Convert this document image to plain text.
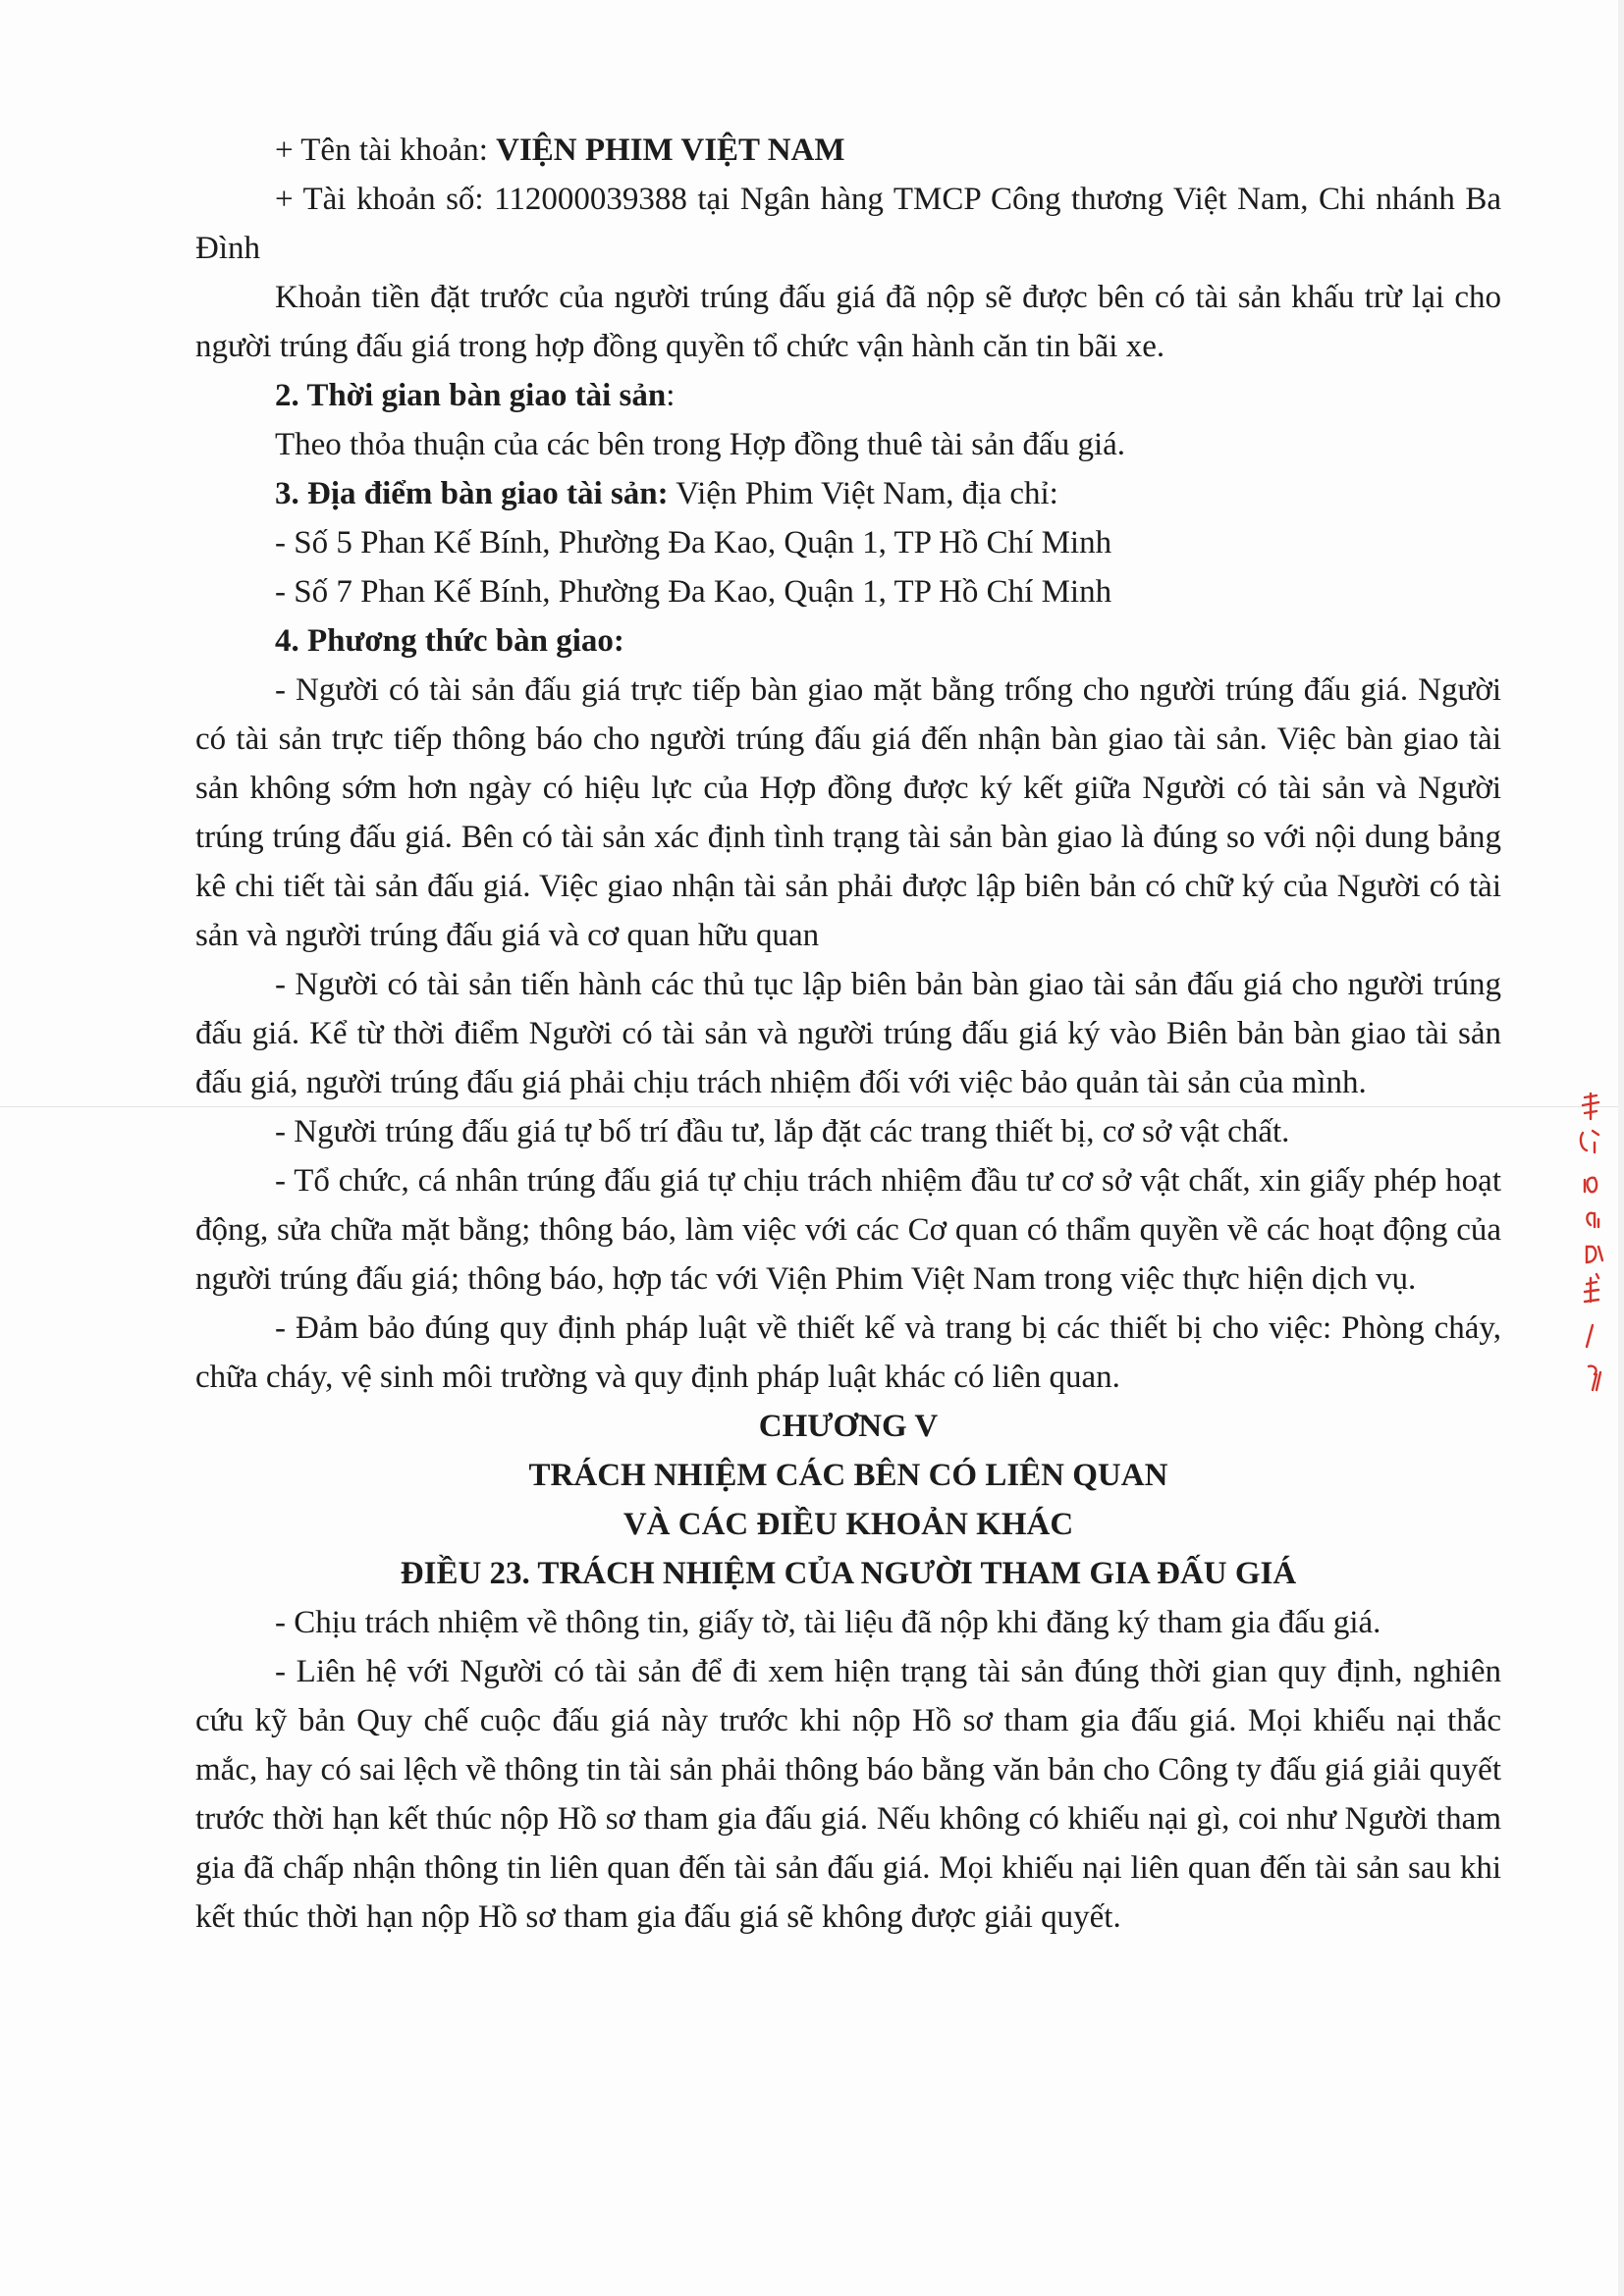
+ Tên tài khoản: VIỆN PHIM VIỆT NAM

+ Tài khoản số: 112000039388 tại Ngân hàng TMCP Công thương Việt Nam, Chi nhánh Ba Đình

Khoản tiền đặt trước của người trúng đấu giá đã nộp sẽ được bên có tài sản khấu trừ lại cho người trúng đấu giá trong hợp đồng quyền tổ chức vận hành căn tin bãi xe.

2. Thời gian bàn giao tài sản:

Theo thỏa thuận của các bên trong Hợp đồng thuê tài sản đấu giá.

3. Địa điểm bàn giao tài sản: Viện Phim Việt Nam, địa chỉ:

- Số 5 Phan Kế Bính, Phường Đa Kao, Quận 1, TP Hồ Chí Minh

- Số 7 Phan Kế Bính, Phường Đa Kao, Quận 1, TP Hồ Chí Minh

4. Phương thức bàn giao:

- Người có tài sản đấu giá trực tiếp bàn giao mặt bằng trống cho người trúng đấu giá. Người có tài sản trực tiếp thông báo cho người trúng đấu giá đến nhận bàn giao tài sản. Việc bàn giao tài sản không sớm hơn ngày có hiệu lực của Hợp đồng được ký kết giữa Người có tài sản và Người trúng trúng đấu giá. Bên có tài sản xác định tình trạng tài sản bàn giao là đúng so với nội dung bảng kê chi tiết tài sản đấu giá. Việc giao nhận tài sản phải được lập biên bản có chữ ký của Người có tài sản và người trúng đấu giá và cơ quan hữu quan

- Người có tài sản tiến hành các thủ tục lập biên bản bàn giao tài sản đấu giá cho người trúng đấu giá. Kể từ thời điểm Người có tài sản và người trúng đấu giá ký vào Biên bản bàn giao tài sản đấu giá, người trúng đấu giá phải chịu trách nhiệm đối với việc bảo quản tài sản của mình.

- Người trúng đấu giá tự bố trí đầu tư, lắp đặt các trang thiết bị, cơ sở vật chất.

- Tổ chức, cá nhân trúng đấu giá tự chịu trách nhiệm đầu tư cơ sở vật chất, xin giấy phép hoạt động, sửa chữa mặt bằng; thông báo, làm việc với các Cơ quan có thẩm quyền về các hoạt động của người trúng đấu giá; thông báo, hợp tác với Viện Phim Việt Nam trong việc thực hiện dịch vụ.

- Đảm bảo đúng quy định pháp luật về thiết kế và trang bị các thiết bị cho việc: Phòng cháy, chữa cháy, vệ sinh môi trường và quy định pháp luật khác có liên quan.

CHƯƠNG V

TRÁCH NHIỆM CÁC BÊN CÓ LIÊN QUAN

VÀ CÁC ĐIỀU KHOẢN KHÁC

ĐIỀU 23. TRÁCH NHIỆM CỦA NGƯỜI THAM GIA ĐẤU GIÁ

- Chịu trách nhiệm về thông tin, giấy tờ, tài liệu đã nộp khi đăng ký tham gia đấu giá.

- Liên hệ với Người có tài sản để đi xem hiện trạng tài sản đúng thời gian quy định, nghiên cứu kỹ bản Quy chế cuộc đấu giá này trước khi nộp Hồ sơ tham gia đấu giá. Mọi khiếu nại thắc mắc, hay có sai lệch về thông tin tài sản phải thông báo bằng văn bản cho Công ty đấu giá giải quyết trước thời hạn kết thúc nộp Hồ sơ tham gia đấu giá. Nếu không có khiếu nại gì, coi như Người tham gia đã chấp nhận thông tin liên quan đến tài sản đấu giá. Mọi khiếu nại liên quan đến tài sản sau khi kết thúc thời hạn nộp Hồ sơ tham gia đấu giá sẽ không được giải quyết.
